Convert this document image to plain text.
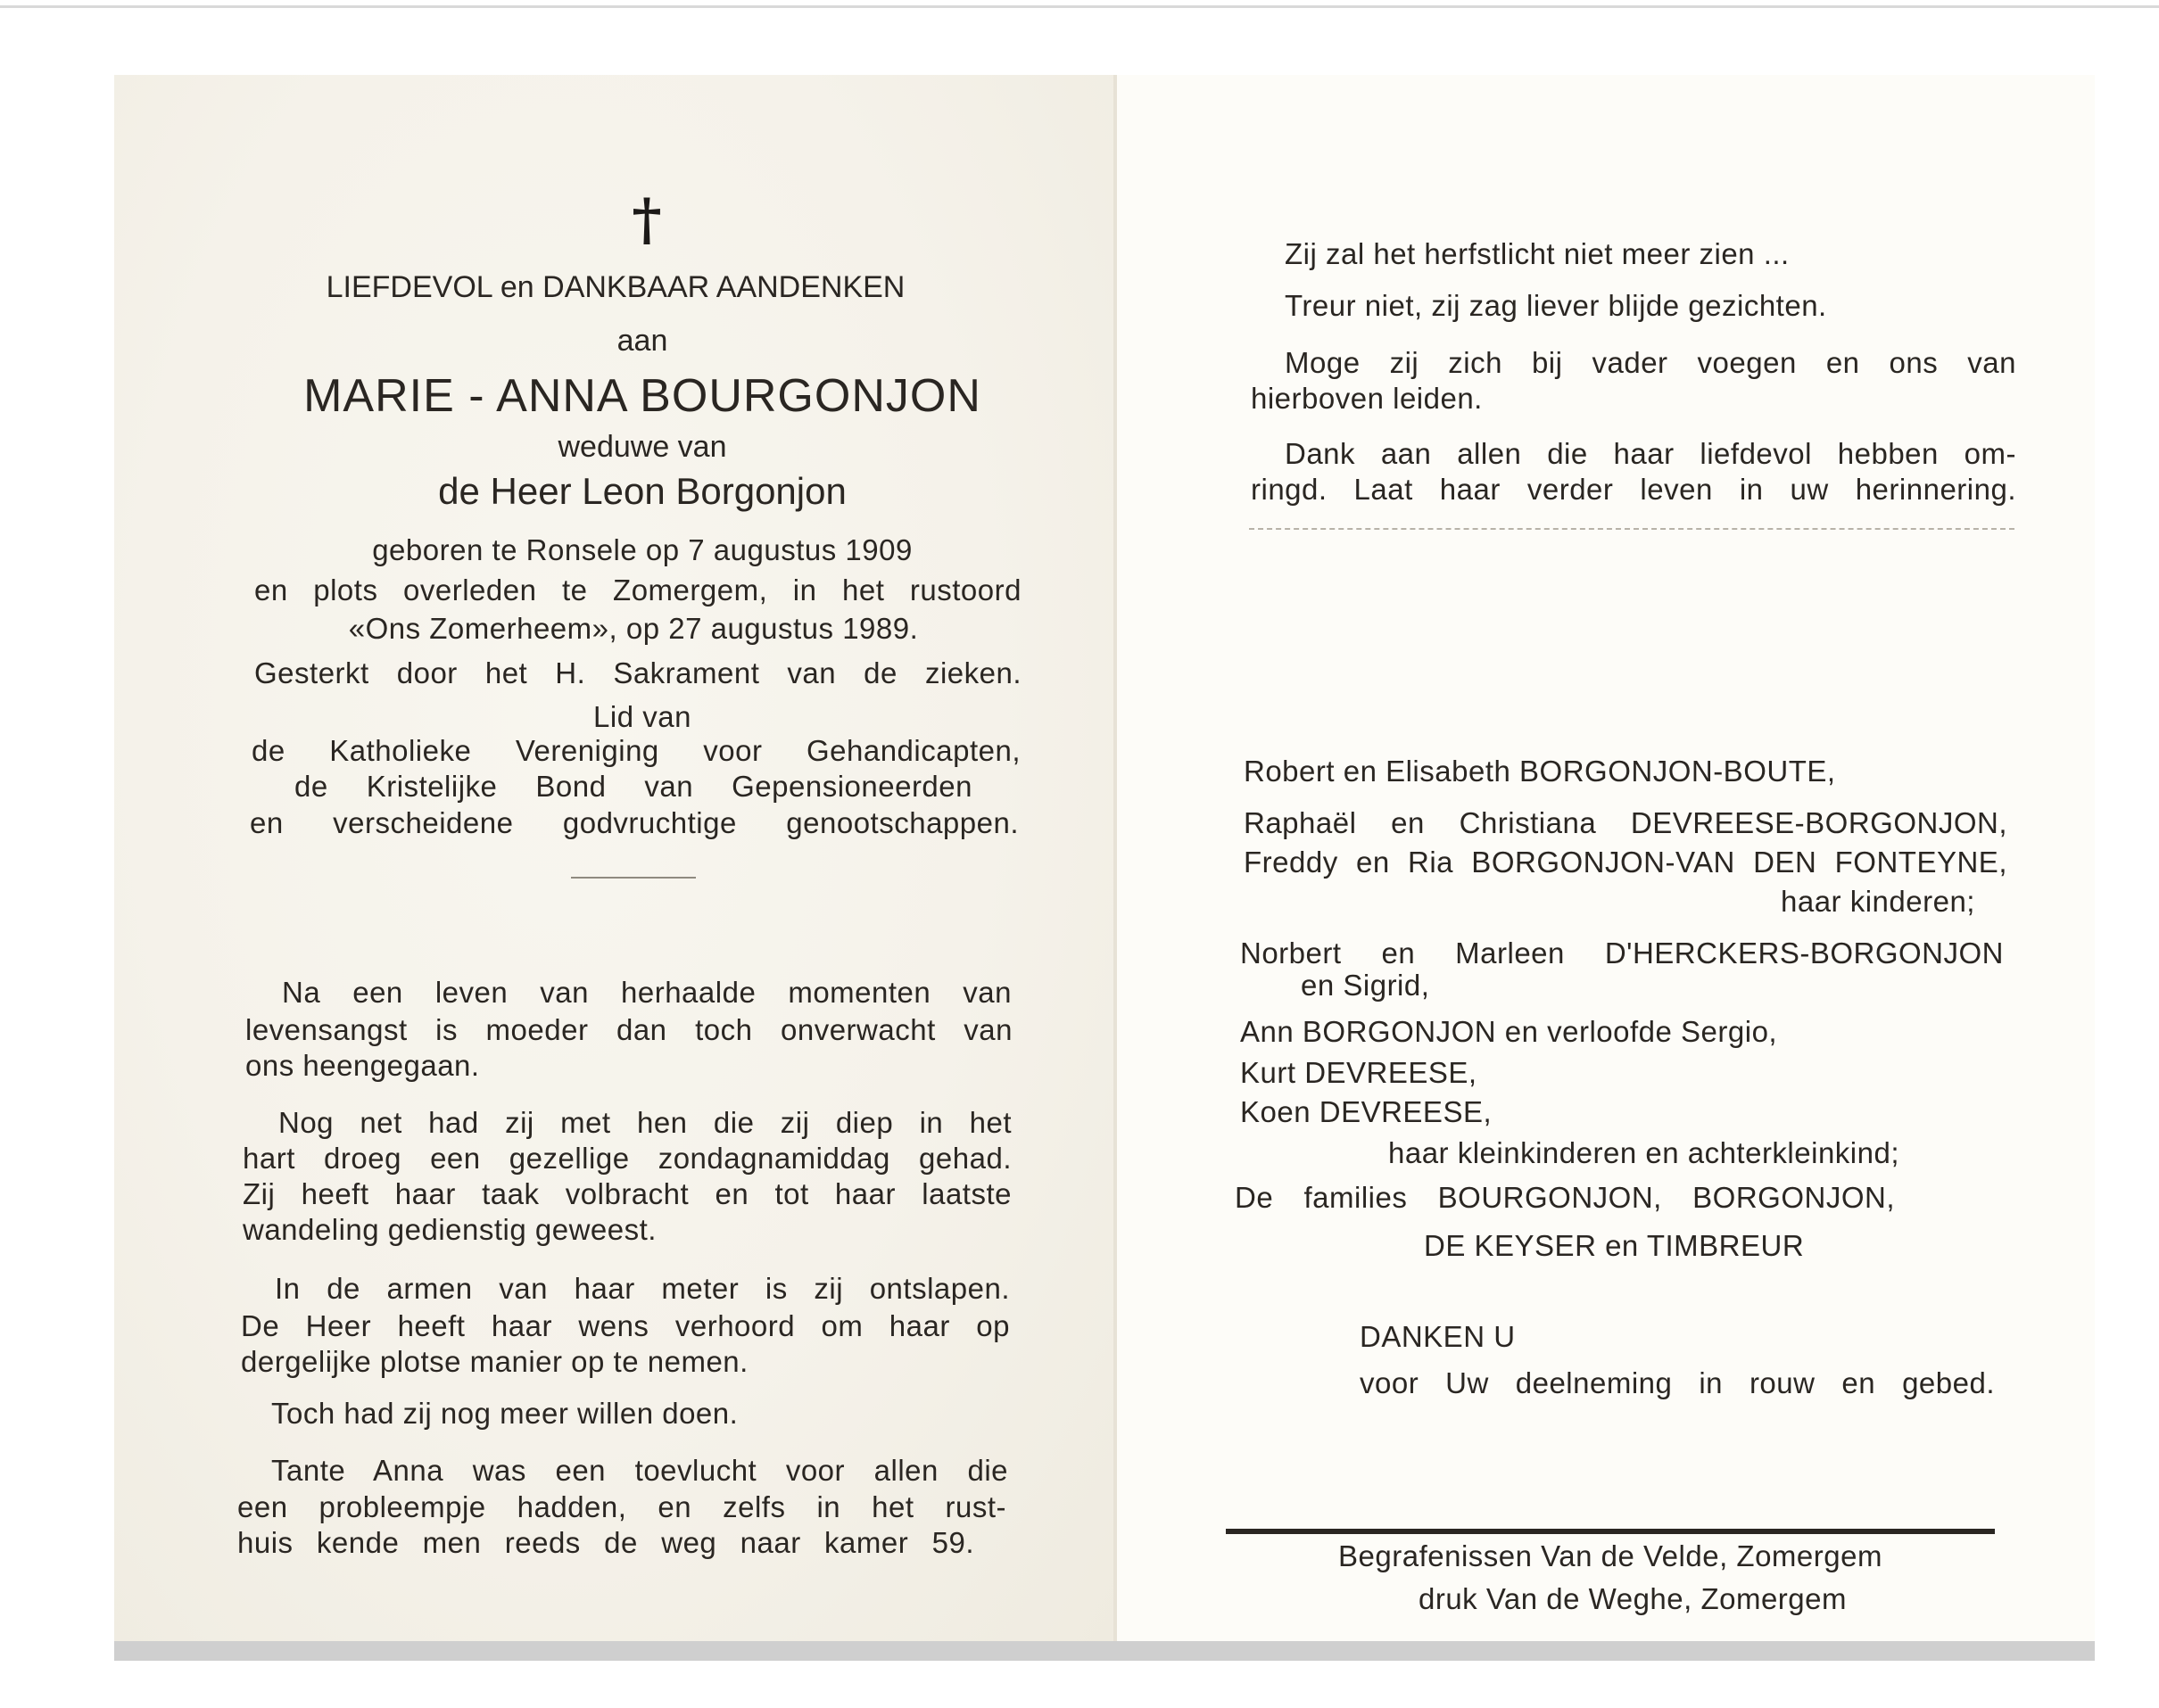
†

LIEFDEVOL en DANKBAAR AANDENKEN

aan

MARIE - ANNA BOURGONJON

weduwe van

de Heer Leon Borgonjon

geboren te Ronsele op 7 augustus 1909

en plots overleden te Zomergem, in het rustoord

«Ons Zomerheem», op 27 augustus 1989.

Gesterkt door het H. Sakrament van de zieken.

Lid van

de Katholieke Vereniging voor Gehandicapten,

de Kristelijke Bond van Gepensioneerden

en verscheidene godvruchtige genootschappen.

Na een leven van herhaalde momenten van

levensangst is moeder dan toch onverwacht van

ons heengegaan.

Nog net had zij met hen die zij diep in het

hart droeg een gezellige zondagnamiddag gehad.

Zij heeft haar taak volbracht en tot haar laatste

wandeling gedienstig geweest.

In de armen van haar meter is zij ontslapen.

De Heer heeft haar wens verhoord om haar op

dergelijke plotse manier op te nemen.

Toch had zij nog meer willen doen.

Tante Anna was een toevlucht voor allen die

een probleempje hadden, en zelfs in het rust-

huis kende men reeds de weg naar kamer 59.

Zij zal het herfstlicht niet meer zien ...

Treur niet, zij zag liever blijde gezichten.

Moge zij zich bij vader voegen en ons van

hierboven leiden.

Dank aan allen die haar liefdevol hebben om-

ringd. Laat haar verder leven in uw herinnering.

Robert en Elisabeth BORGONJON-BOUTE,

Raphaël en Christiana DEVREESE-BORGONJON,

Freddy en Ria BORGONJON-VAN DEN FONTEYNE,

haar kinderen;

Norbert en Marleen D'HERCKERS-BORGONJON

en Sigrid,

Ann BORGONJON en verloofde Sergio,

Kurt DEVREESE,

Koen DEVREESE,

haar kleinkinderen en achterkleinkind;

De families BOURGONJON, BORGONJON,

DE KEYSER en TIMBREUR

DANKEN U

voor Uw deelneming in rouw en gebed.

Begrafenissen Van de Velde, Zomergem

druk Van de Weghe, Zomergem
